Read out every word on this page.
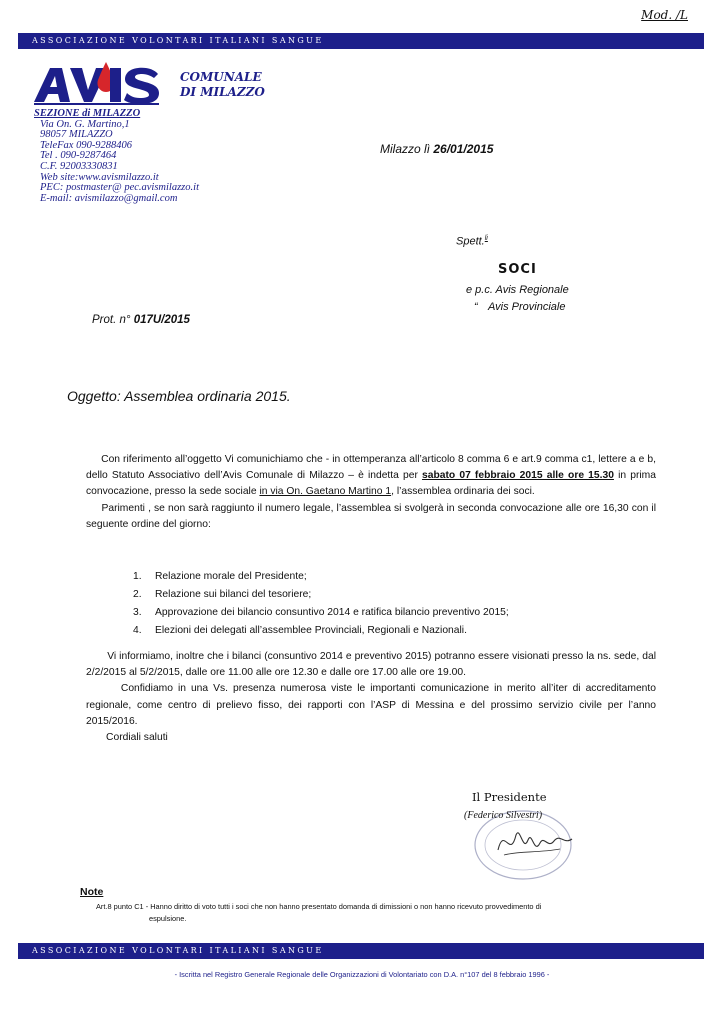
Mod. /L
ASSOCIAZIONE VOLONTARI ITALIANI SANGUE
COMUNALE
DI MILAZZO
SEZIONE di MILAZZO
Via On. G. Martino,1
98057 MILAZZO
TeleFax 090-9288406
Tel . 090-9287464
C.F. 92003330831
Web site:www.avismilazzo.it
PEC: postmaster@ pec.avismilazzo.it
E-mail: avismilazzo@gmail.com
Milazzo lì 26/01/2015
Spett.$^{li}$
SOCI
e p.c. Avis Regionale
“ Avis Provinciale
Prot. n° 017U/2015
Oggetto: Assemblea ordinaria 2015.

Con riferimento all’oggetto Vi comunichiamo che - in ottemperanza all’articolo 8 comma 6 e art.9 comma c1, lettere a e b, dello Statuto Associativo dell’Avis Comunale di Milazzo – è indetta per sabato 07 febbraio 2015 alle ore 15.30 in prima convocazione, presso la sede sociale in via On. Gaetano Martino 1, l’assemblea ordinaria dei soci.

Parimenti , se non sarà raggiunto il numero legale, l’assemblea si svolgerà in seconda convocazione alle ore 16,30 con il seguente ordine del giorno:

1. Relazione morale del Presidente;
2. Relazione sui bilanci del tesoriere;
3. Approvazione dei bilancio consuntivo 2014 e ratifica bilancio preventivo 2015;
4. Elezioni dei delegati all’assemblee Provinciali, Regionali e Nazionali.

Vi informiamo, inoltre che i bilanci (consuntivo 2014 e preventivo 2015) potranno essere visionati presso la ns. sede, dal 2/2/2015 al 5/2/2015, dalle ore 11.00 alle ore 12.30 e dalle ore 17.00 alle ore 19.00.

Confidiamo in una Vs. presenza numerosa viste le importanti comunicazione in merito all’iter di accreditamento regionale, come centro di prelievo fisso, dei rapporti con l’ASP di Messina e del prossimo servizio civile per l’anno 2015/2016.

Cordiali saluti

Il Presidente
(Federico Silvestri)
Note
Art.8 punto C1 - Hanno diritto di voto tutti i soci che non hanno presentato domanda di dimissioni o non hanno ricevuto provvedimento di
espulsione.
ASSOCIAZIONE VOLONTARI ITALIANI SANGUE
- Iscritta nel Registro Generale Regionale delle Organizzazioni di Volontariato con D.A. n°107 del 8 febbraio 1996 -
